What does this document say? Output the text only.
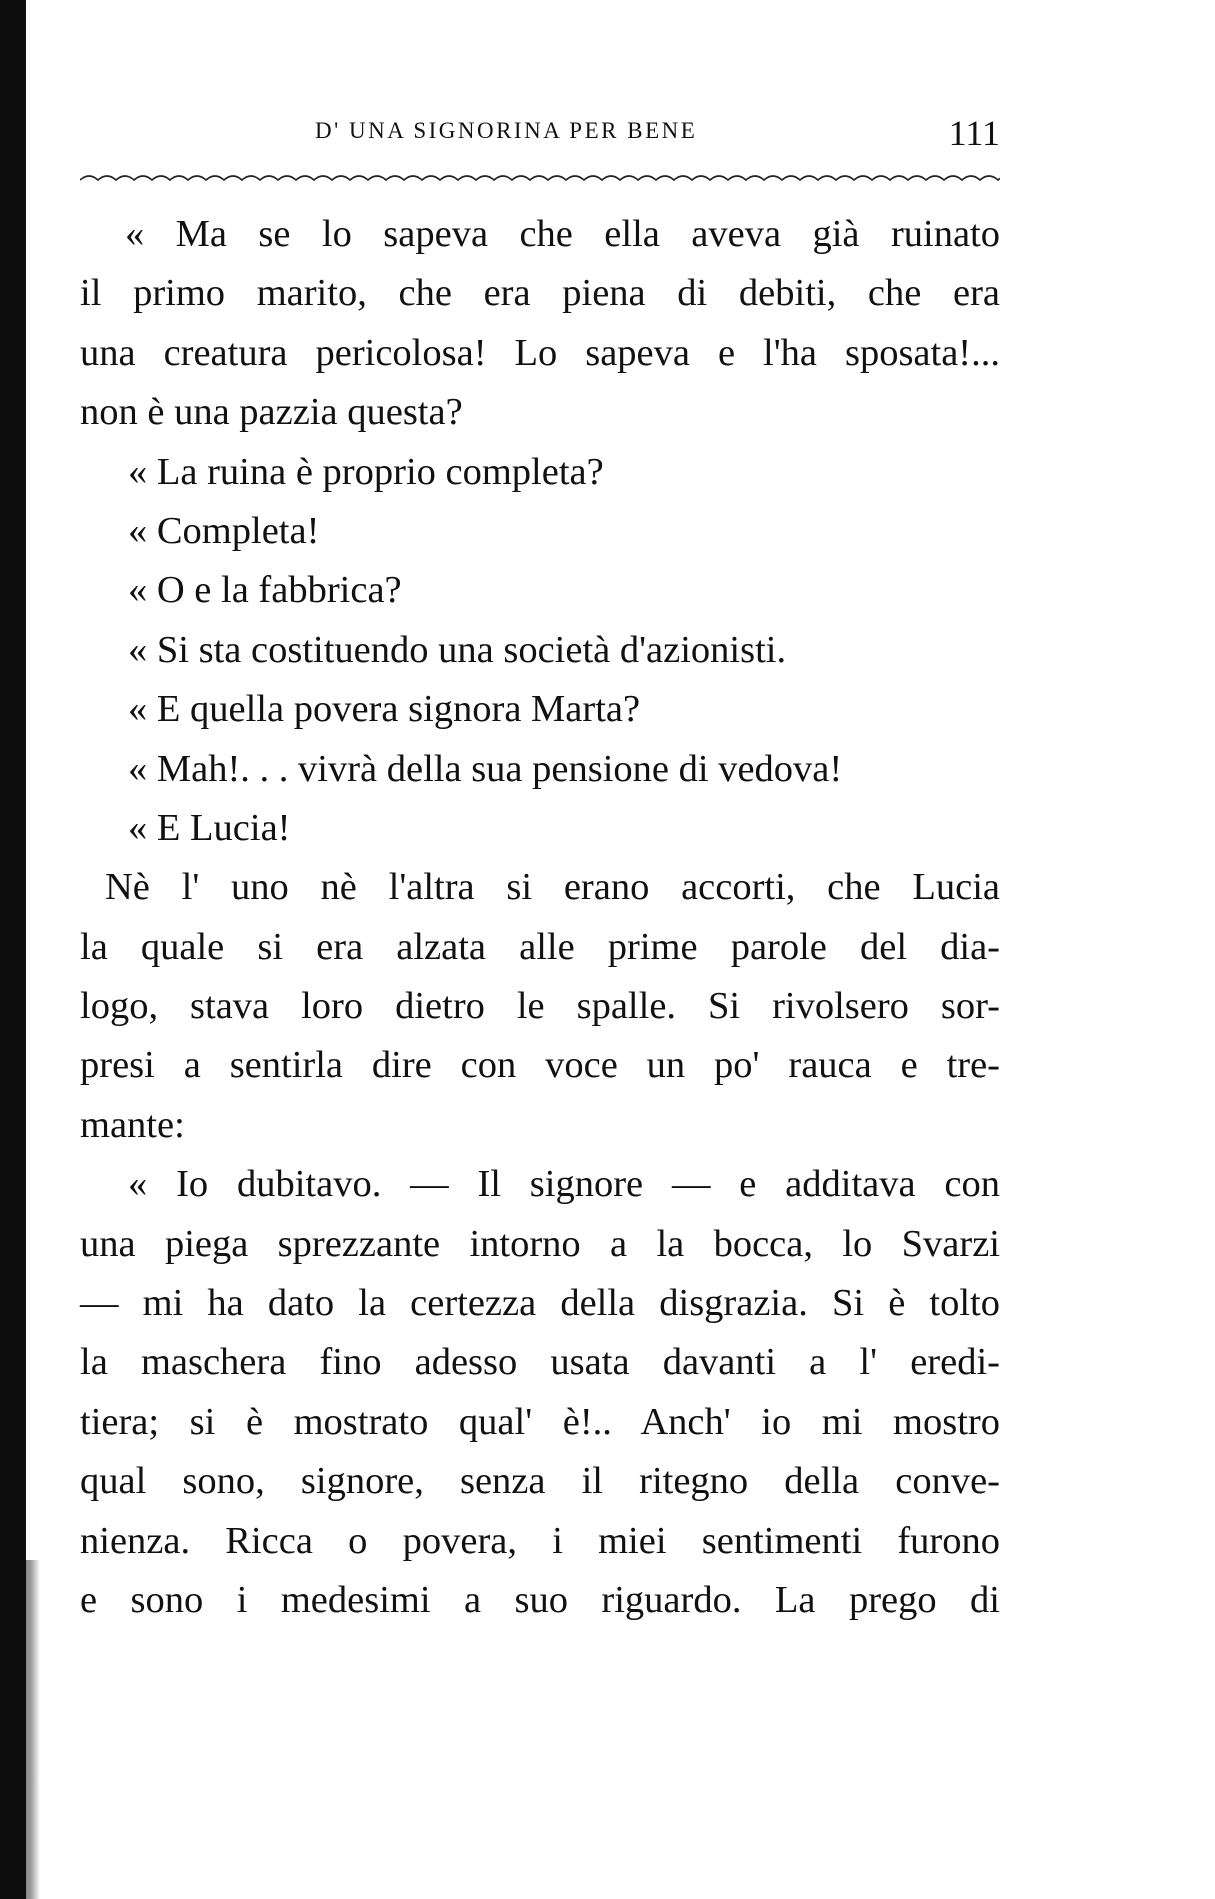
D' UNA SIGNORINA PER BENE	111
« Ma se lo sapeva che ella aveva già ruinato
il primo marito, che era piena di debiti, che era
una creatura pericolosa! Lo sapeva e l'ha sposata!...
non è una pazzia questa?
« La ruina è proprio completa?
« Completa!
« O e la fabbrica?
« Si sta costituendo una società d'azionisti.
« E quella povera signora Marta?
« Mah!. . . vivrà della sua pensione di vedova!
« E Lucia!
Nè l' uno nè l'altra si erano accorti, che Lucia
la quale si era alzata alle prime parole del dia-
logo, stava loro dietro le spalle. Si rivolsero sor-
presi a sentirla dire con voce un po' rauca e tre-
mante:
« Io dubitavo. — Il signore — e additava con
una piega sprezzante intorno a la bocca, lo Svarzi
— mi ha dato la certezza della disgrazia. Si è tolto
la maschera fino adesso usata davanti a l' eredi-
tiera; si è mostrato qual' è!.. Anch' io mi mostro
qual sono, signore, senza il ritegno della conve-
nienza. Ricca o povera, i miei sentimenti furono
e sono i medesimi a suo riguardo. La prego di
